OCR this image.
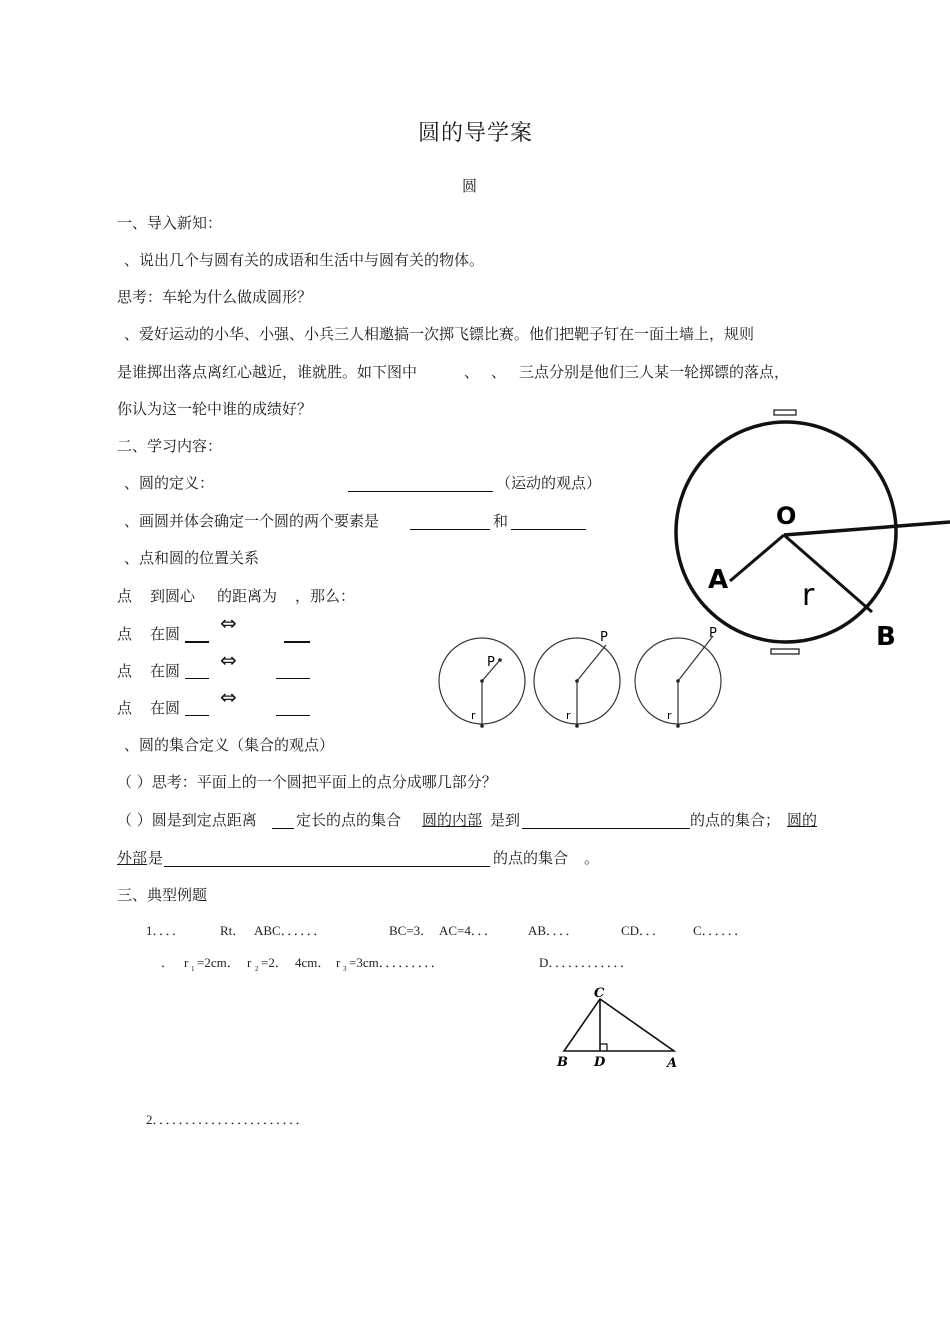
圆的导学案
圆
一、导入新知：
、说出几个与圆有关的成语和生活中与圆有关的物体。
思考：车轮为什么做成圆形？
、爱好运动的小华、小强、小兵三人相邀搞一次掷飞镖比赛。他们把靶子钉在一面土墙上，规则
是谁掷出落点离红心越近，谁就胜。如下图中	、 、 三点分别是他们三人某一轮掷镖的落点，
你认为这一轮中谁的成绩好？
二、学习内容：
、圆的定义：	（运动的观点）
、画圆并体会确定一个圆的两个要素是	和
、点和圆的位置关系
点 到圆心 的距离为 ，那么：
点 在圆 ⇔
点 在圆 ⇔
点 在圆 ⇔
P
r
P
r
P
r
O
A r
B
、圆的集合定义（集合的观点）
（ ）思考：平面上的一个圆把平面上的点分成哪几部分？
（ ）圆是到定点距离	定长的点的集合 圆的内部 是到	的点的集合； 圆的
外部 是	的点的集合 。
三、典型例题
1．．．．	Rt． ABC．．．．．．	BC=3． AC=4．．． AB．．．．	CD．．． C．．．．．．
． r 1 =2cm． r 2 =2． 4cm． r 3 =3cm．．．．．．．．．	D．．．．．．．．．．．．
C
B D	A
2．．．．．．．．．．．．．．．．．．．．．．．
